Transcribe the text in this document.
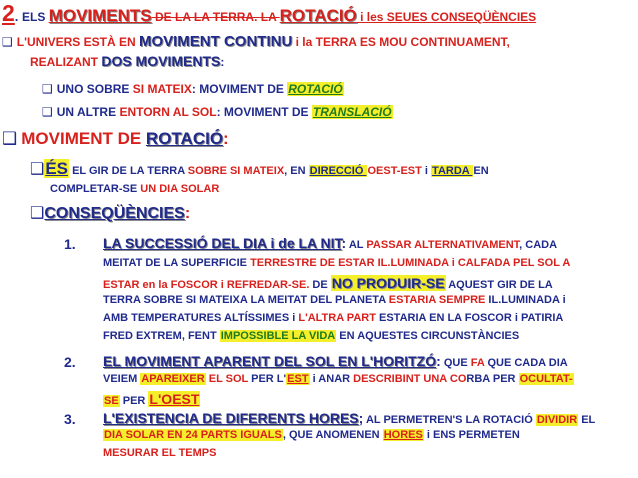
2. ELS MOVIMENTS DE LA LA TERRA. LA ROTACIÓ i les SEUES CONSEQÜÈNCIES
❑ L'UNIVERS ESTÀ EN MOVIMENT CONTINU i la TERRA ES MOU CONTINUAMENT,
REALIZANT DOS MOVIMENTS:
❑ UNO SOBRE SI MATEIX: MOVIMENT DE ROTACIÓ
❑ UN ALTRE ENTORN AL SOL: MOVIMENT DE TRANSLACIÓ
❑ MOVIMENT DE ROTACIÓ:
❑ÉS EL GIR DE LA TERRA SOBRE SI MATEIX, EN DIRECCIÓ OEST-EST i TARDA EN
COMPLETAR-SE UN DIA SOLAR
❑CONSEQÜÈNCIES:
1. LA SUCCESSIÓ DEL DIA i de LA NIT: AL PASSAR ALTERNATIVAMENT, CADA
MEITAT DE LA SUPERFICIE TERRESTRE DE ESTAR IL.LUMINADA i CALFADA PEL SOL A
ESTAR en la FOSCOR i REFREDAR-SE. DE NO PRODUIR-SE AQUEST GIR DE LA
TERRA SOBRE SI MATEIXA LA MEITAT DEL PLANETA ESTARIA SEMPRE IL.LUMINADA i
AMB TEMPERATURES ALTÍSSIMES i L'ALTRA PART ESTARIA EN LA FOSCOR i PATIRIA
FRED EXTREM, FENT IMPOSSIBLE LA VIDA EN AQUESTES CIRCUNSTÀNCIES
2. EL MOVIMENT APARENT DEL SOL EN L'HORITZÓ: QUE FA QUE CADA DIA
VEIEM APAREIXER EL SOL PER L'EST i ANAR DESCRIBINT UNA CORBA PER OCULTAT-
SE PER L'OEST
3. L'EXISTENCIA DE DIFERENTS HORES; AL PERMETREN'S LA ROTACIÓ DIVIDIR EL
DIA SOLAR EN 24 PARTS IGUALS, QUE ANOMENEN HORES i ENS PERMETEN
MESURAR EL TEMPS
